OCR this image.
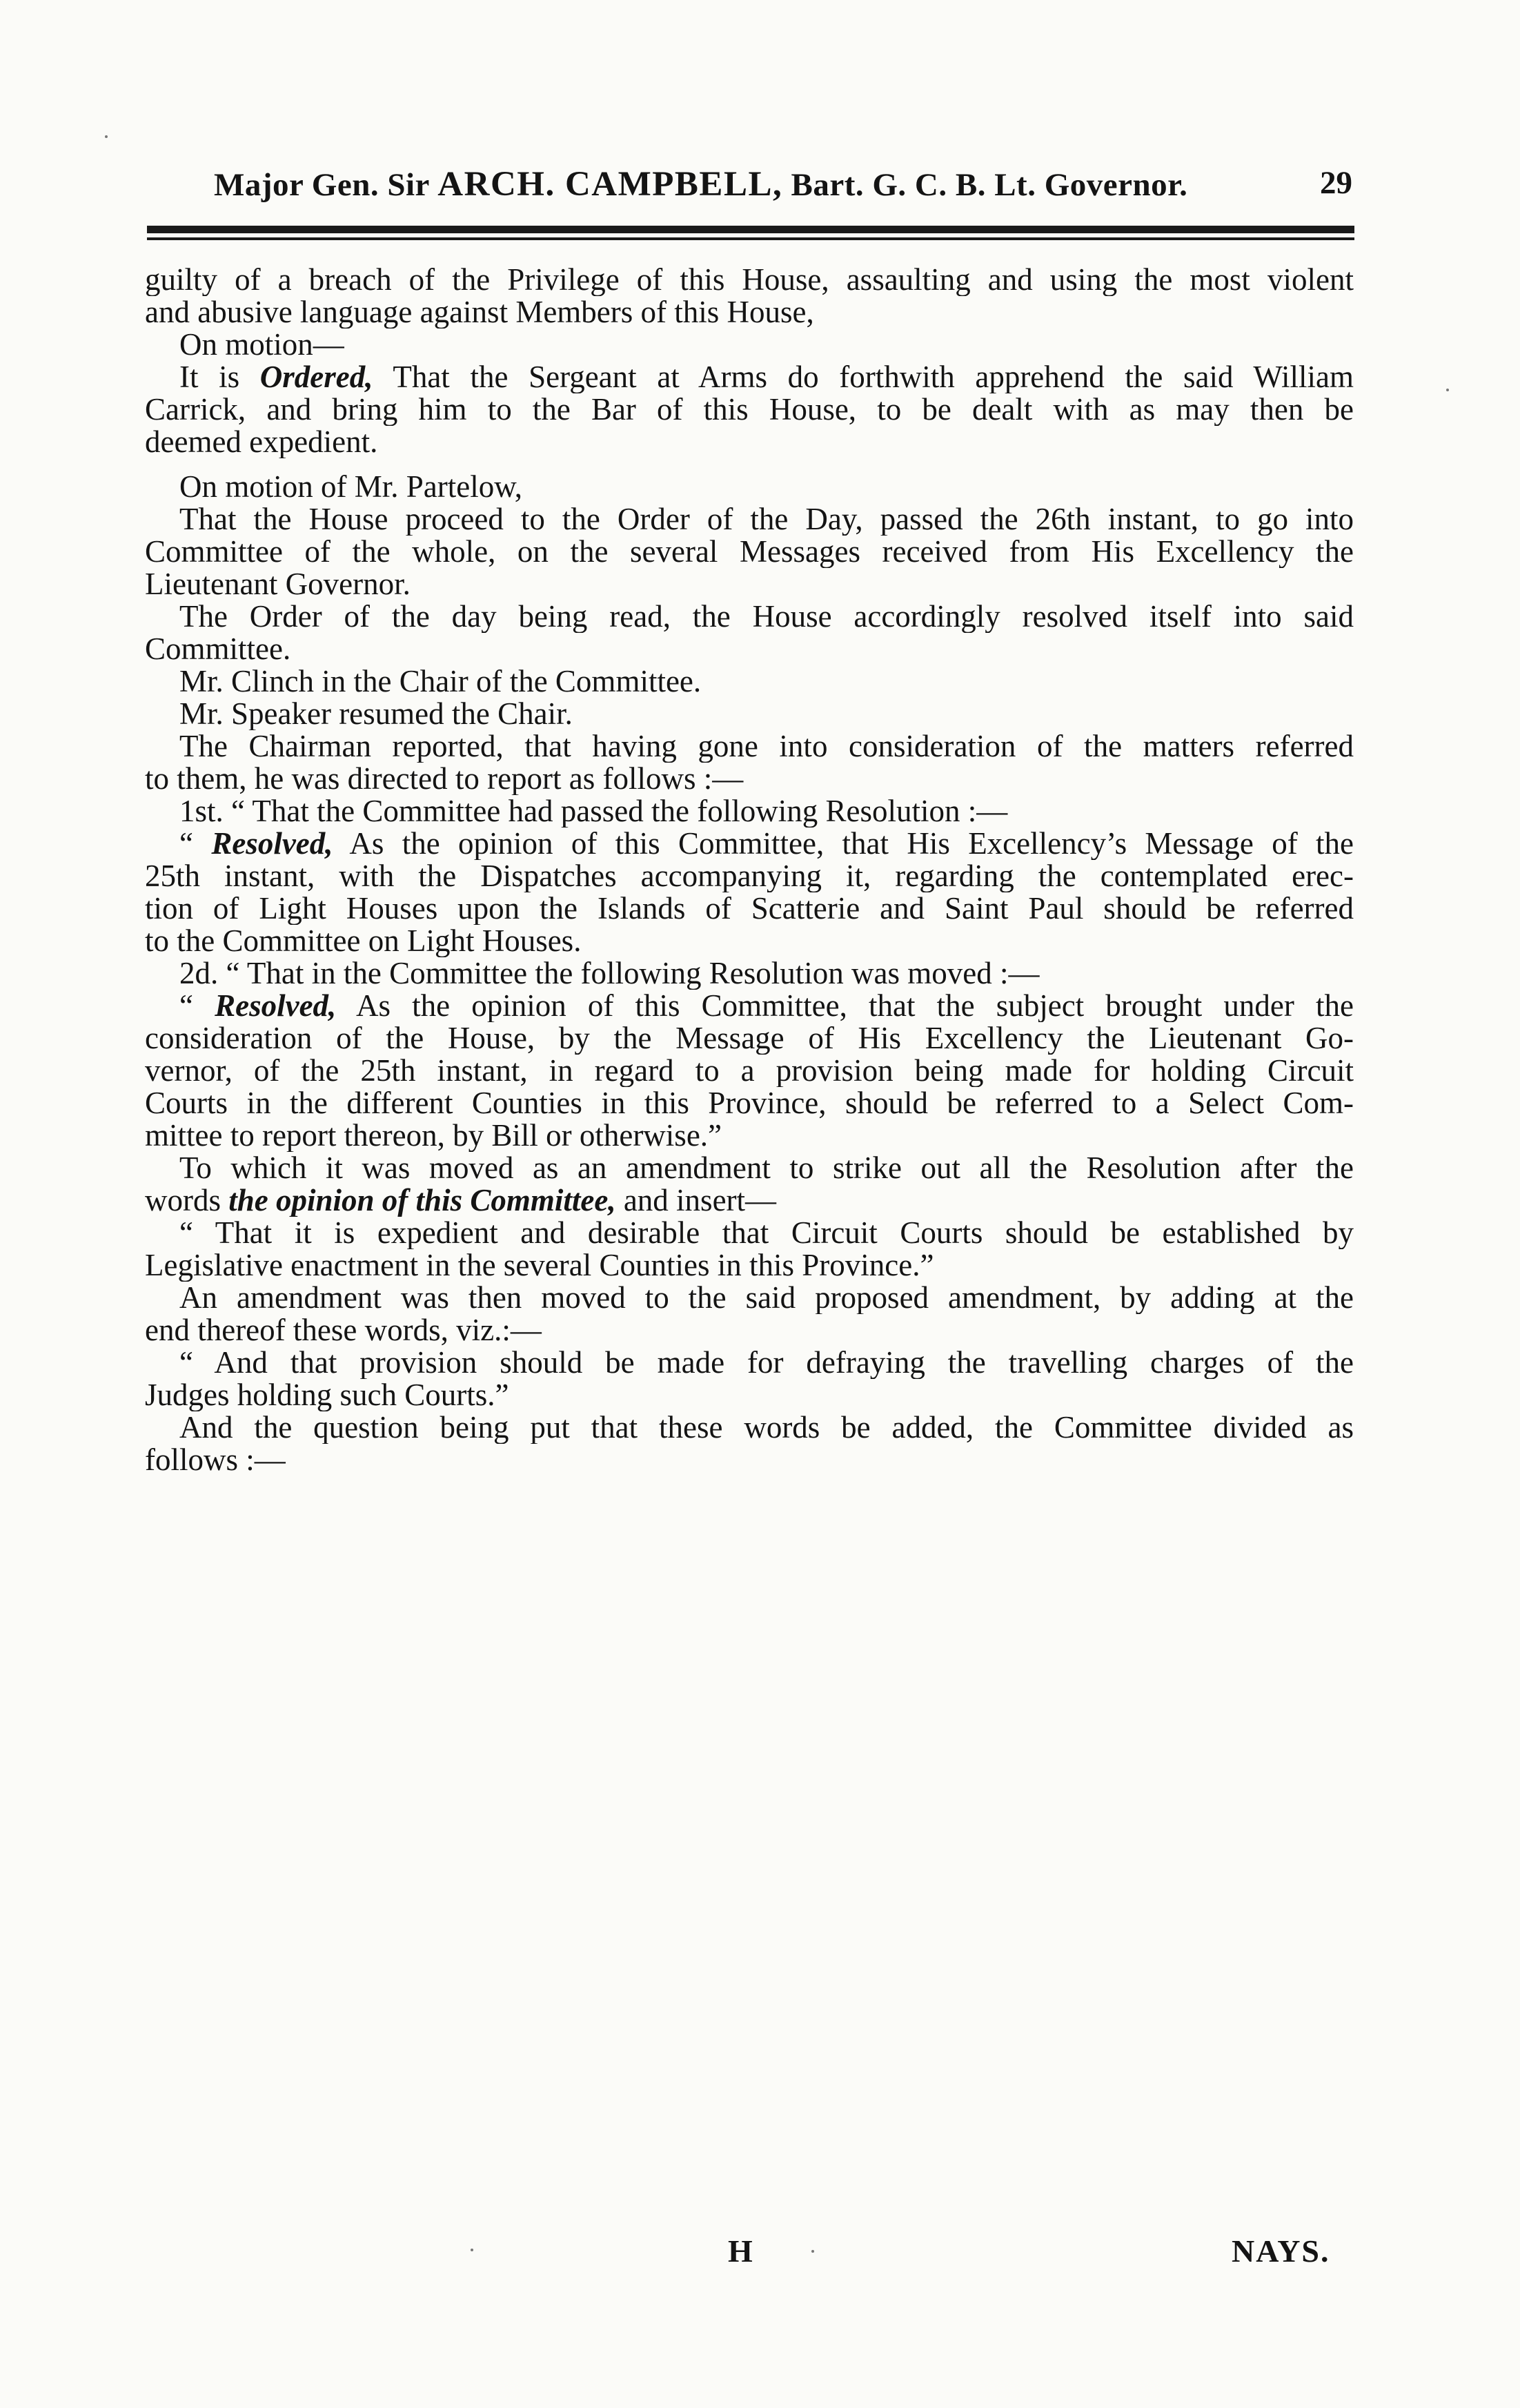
Major Gen. Sir ARCH. CAMPBELL, Bart. G. C. B. Lt. Governor.	29
guilty of a breach of the Privilege of this House, assaulting and using the most violent
and abusive language against Members of this House,
On motion—
It is Ordered, That the Sergeant at Arms do forthwith apprehend the said William
Carrick, and bring him to the Bar of this House, to be dealt with as may then be
deemed expedient.
On motion of Mr. Partelow,
That the House proceed to the Order of the Day, passed the 26th instant, to go into
Committee of the whole, on the several Messages received from His Excellency the
Lieutenant Governor.
The Order of the day being read, the House accordingly resolved itself into said
Committee.
Mr. Clinch in the Chair of the Committee.
Mr. Speaker resumed the Chair.
The Chairman reported, that having gone into consideration of the matters referred
to them, he was directed to report as follows :—
1st. “ That the Committee had passed the following Resolution :—
“ Resolved, As the opinion of this Committee, that His Excellency’s Message of the
25th instant, with the Dispatches accompanying it, regarding the contemplated erec-
tion of Light Houses upon the Islands of Scatterie and Saint Paul should be referred
to the Committee on Light Houses.
2d. “ That in the Committee the following Resolution was moved :—
“ Resolved, As the opinion of this Committee, that the subject brought under the
consideration of the House, by the Message of His Excellency the Lieutenant Go-
vernor, of the 25th instant, in regard to a provision being made for holding Circuit
Courts in the different Counties in this Province, should be referred to a Select Com-
mittee to report thereon, by Bill or otherwise.”
To which it was moved as an amendment to strike out all the Resolution after the
words the opinion of this Committee, and insert—
“ That it is expedient and desirable that Circuit Courts should be established by
Legislative enactment in the several Counties in this Province.”
An amendment was then moved to the said proposed amendment, by adding at the
end thereof these words, viz.:—
“ And that provision should be made for defraying the travelling charges of the
Judges holding such Courts.”
And the question being put that these words be added, the Committee divided as
follows :—
H	NAYS.
